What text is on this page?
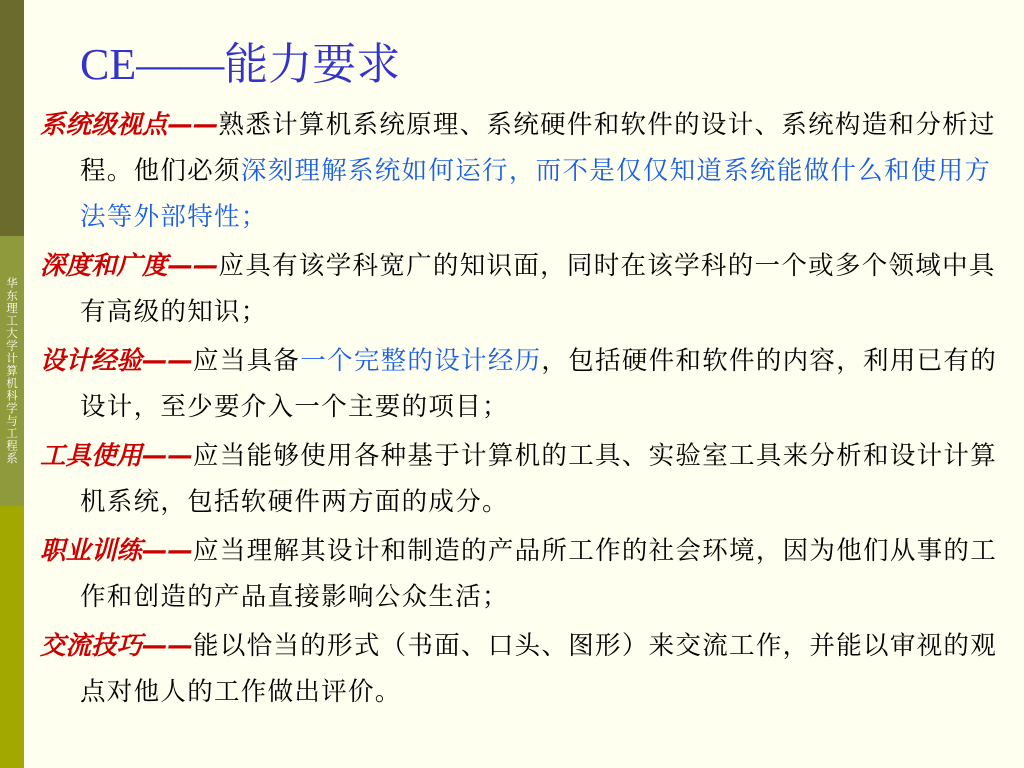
华东理工大学计算机科学与工程系
CE——能力要求

系统级视点——熟悉计算机系统原理、系统硬件和软件的设计、系统构造和分析过程。他们必须深刻理解系统如何运行，而不是仅仅知道系统能做什么和使用方法等外部特性；

深度和广度——应具有该学科宽广的知识面，同时在该学科的一个或多个领域中具有高级的知识；

设计经验——应当具备一个完整的设计经历，包括硬件和软件的内容，利用已有的设计，至少要介入一个主要的项目；

工具使用——应当能够使用各种基于计算机的工具、实验室工具来分析和设计计算机系统，包括软硬件两方面的成分。

职业训练——应当理解其设计和制造的产品所工作的社会环境，因为他们从事的工作和创造的产品直接影响公众生活；

交流技巧——能以恰当的形式（书面、口头、图形）来交流工作，并能以审视的观点对他人的工作做出评价。
